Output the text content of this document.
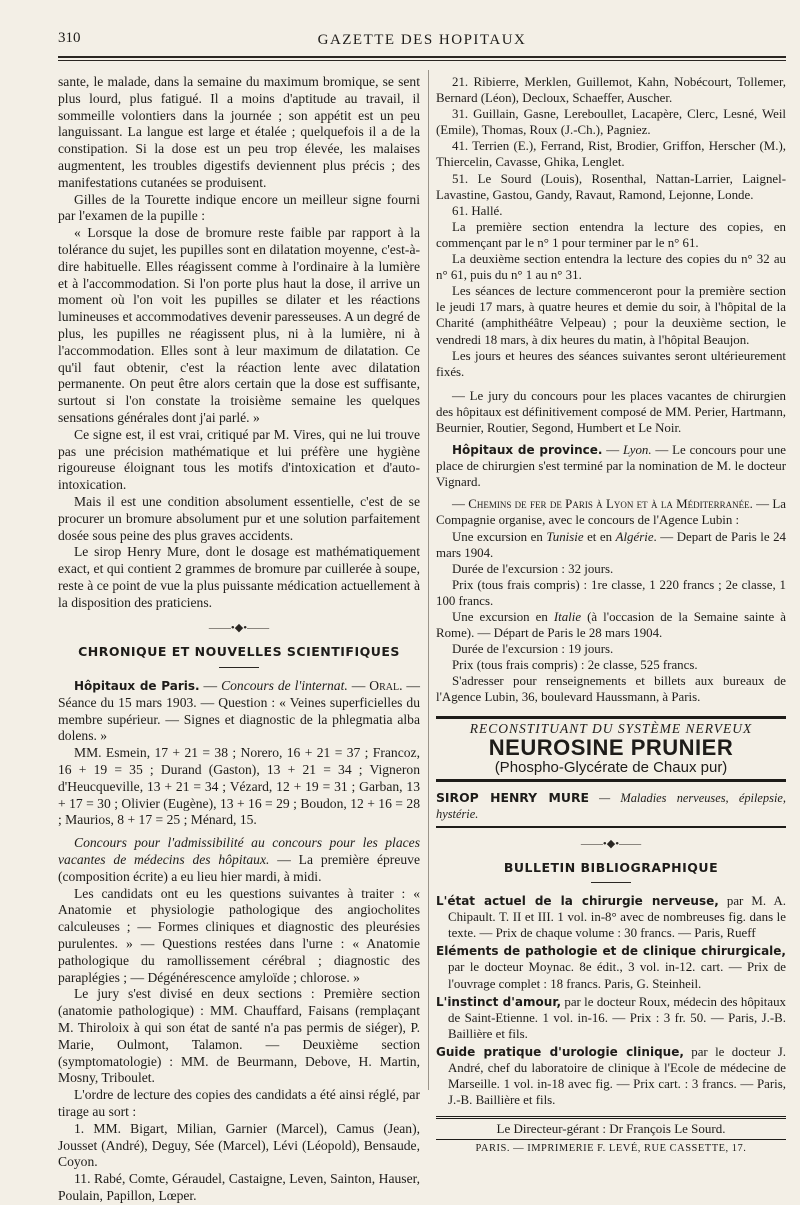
310	GAZETTE DES HOPITAUX

sante, le malade, dans la semaine du maximum bromique, se sent plus lourd, plus fatigué. Il a moins d'aptitude au travail, il sommeille volontiers dans la journée ; son appétit est un peu languissant. La langue est large et étalée ; quelquefois il a de la constipation. Si la dose est un peu trop élevée, les malaises augmentent, les troubles digestifs deviennent plus précis ; des manifestations cutanées se produisent.

Gilles de la Tourette indique encore un meilleur signe fourni par l'examen de la pupille :

« Lorsque la dose de bromure reste faible par rapport à la tolérance du sujet, les pupilles sont en dilatation moyenne, c'est-à-dire habituelle. Elles réagissent comme à l'ordinaire à la lumière et à l'accommodation. Si l'on porte plus haut la dose, il arrive un moment où l'on voit les pupilles se dilater et les réactions lumineuses et accommodatives devenir paresseuses. A un degré de plus, les pupilles ne réagissent plus, ni à la lumière, ni à l'accommodation. Elles sont à leur maximum de dilatation. Ce qu'il faut obtenir, c'est la réaction lente avec dilatation permanente. On peut être alors certain que la dose est suffisante, surtout si l'on constate la troisième semaine les quelques sensations générales dont j'ai parlé. »

Ce signe est, il est vrai, critiqué par M. Vires, qui ne lui trouve pas une précision mathématique et lui préfère une hygiène rigoureuse éloignant tous les motifs d'intoxication et d'auto-intoxication.

Mais il est une condition absolument essentielle, c'est de se procurer un bromure absolument pur et une solution parfaitement dosée sous peine des plus graves accidents.

Le sirop Henry Mure, dont le dosage est mathématiquement exact, et qui contient 2 grammes de bromure par cuillerée à soupe, reste à ce point de vue la plus puissante médication actuellement à la disposition des praticiens.

——•◆•——
CHRONIQUE ET NOUVELLES SCIENTIFIQUES

Hôpitaux de Paris. — Concours de l'internat. — Oral. — Séance du 15 mars 1903. — Question : « Veines superficielles du membre supérieur. — Signes et diagnostic de la phlegmatia alba dolens. »

MM. Esmein, 17 + 21 = 38 ; Norero, 16 + 21 = 37 ; Francoz, 16 + 19 = 35 ; Durand (Gaston), 13 + 21 = 34 ; Vigneron d'Heucqueville, 13 + 21 = 34 ; Vézard, 12 + 19 = 31 ; Garban, 13 + 17 = 30 ; Olivier (Eugène), 13 + 16 = 29 ; Boudon, 12 + 16 = 28 ; Maurios, 8 + 17 = 25 ; Ménard, 15.

Concours pour l'admissibilité au concours pour les places vacantes de médecins des hôpitaux. — La première épreuve (composition écrite) a eu lieu hier mardi, à midi.

Les candidats ont eu les questions suivantes à traiter : « Anatomie et physiologie pathologique des angiocholites calculeuses ; — Formes cliniques et diagnostic des pleurésies purulentes. » — Questions restées dans l'urne : « Anatomie pathologique du ramollissement cérébral ; diagnostic des paraplégies ; — Dégénérescence amyloïde ; chlorose. »

Le jury s'est divisé en deux sections : Première section (anatomie pathologique) : MM. Chauffard, Faisans (remplaçant M. Thiroloix à qui son état de santé n'a pas permis de siéger), P. Marie, Oulmont, Talamon. — Deuxième section (symptomatologie) : MM. de Beurmann, Debove, H. Martin, Mosny, Triboulet.

L'ordre de lecture des copies des candidats a été ainsi réglé, par tirage au sort :

1. MM. Bigart, Milian, Garnier (Marcel), Camus (Jean), Jousset (André), Deguy, Sée (Marcel), Lévi (Léopold), Bensaude, Coyon.

11. Rabé, Comte, Géraudel, Castaigne, Leven, Sainton, Hauser, Poulain, Papillon, Lœper.

21. Ribierre, Merklen, Guillemot, Kahn, Nobécourt, Tollemer, Bernard (Léon), Decloux, Schaeffer, Auscher.

31. Guillain, Gasne, Lereboullet, Lacapère, Clerc, Lesné, Weil (Emile), Thomas, Roux (J.-Ch.), Pagniez.

41. Terrien (E.), Ferrand, Rist, Brodier, Griffon, Herscher (M.), Thiercelin, Cavasse, Ghika, Lenglet.

51. Le Sourd (Louis), Rosenthal, Nattan-Larrier, Laignel-Lavastine, Gastou, Gandy, Ravaut, Ramond, Lejonne, Londe.

61. Hallé.

La première section entendra la lecture des copies, en commençant par le n° 1 pour terminer par le n° 61.

La deuxième section entendra la lecture des copies du n° 32 au n° 61, puis du n° 1 au n° 31.

Les séances de lecture commenceront pour la première section le jeudi 17 mars, à quatre heures et demie du soir, à l'hôpital de la Charité (amphithéâtre Velpeau) ; pour la deuxième section, le vendredi 18 mars, à dix heures du matin, à l'hôpital Beaujon.

Les jours et heures des séances suivantes seront ultérieurement fixés.

— Le jury du concours pour les places vacantes de chirurgien des hôpitaux est définitivement composé de MM. Perier, Hartmann, Beurnier, Routier, Segond, Humbert et Le Noir.

Hôpitaux de province. — Lyon. — Le concours pour une place de chirurgien s'est terminé par la nomination de M. le docteur Vignard.

— Chemins de fer de Paris à Lyon et à la Méditerranée. — La Compagnie organise, avec le concours de l'Agence Lubin :

Une excursion en Tunisie et en Algérie. — Depart de Paris le 24 mars 1904.

Durée de l'excursion : 32 jours.

Prix (tous frais compris) : 1re classe, 1 220 francs ; 2e classe, 1 100 francs.

Une excursion en Italie (à l'occasion de la Semaine sainte à Rome). — Départ de Paris le 28 mars 1904.

Durée de l'excursion : 19 jours.

Prix (tous frais compris) : 2e classe, 525 francs.

S'adresser pour renseignements et billets aux bureaux de l'Agence Lubin, 36, boulevard Haussmann, à Paris.

RECONSTITUANT DU SYSTÈME NERVEUX
NEUROSINE PRUNIER
(Phospho-Glycérate de Chaux pur)
SIROP HENRY MURE — Maladies nerveuses, épilepsie, hystérie.
——•◆•——
BULLETIN BIBLIOGRAPHIQUE

L'état actuel de la chirurgie nerveuse, par M. A. Chipault. T. II et III. 1 vol. in-8° avec de nombreuses fig. dans le texte. — Prix de chaque volume : 30 francs. — Paris, Rueff

Eléments de pathologie et de clinique chirurgicale, par le docteur Moynac. 8e édit., 3 vol. in-12. cart. — Prix de l'ouvrage complet : 18 francs. Paris, G. Steinheil.

L'instinct d'amour, par le docteur Roux, médecin des hôpitaux de Saint-Etienne. 1 vol. in-16. — Prix : 3 fr. 50. — Paris, J.-B. Baillière et fils.

Guide pratique d'urologie clinique, par le docteur J. André, chef du laboratoire de clinique à l'Ecole de médecine de Marseille. 1 vol. in-18 avec fig. — Prix cart. : 3 francs. — Paris, J.-B. Baillière et fils.

Le Directeur-gérant : Dr François Le Sourd.
PARIS. — IMPRIMERIE F. LEVÉ, RUE CASSETTE, 17.
